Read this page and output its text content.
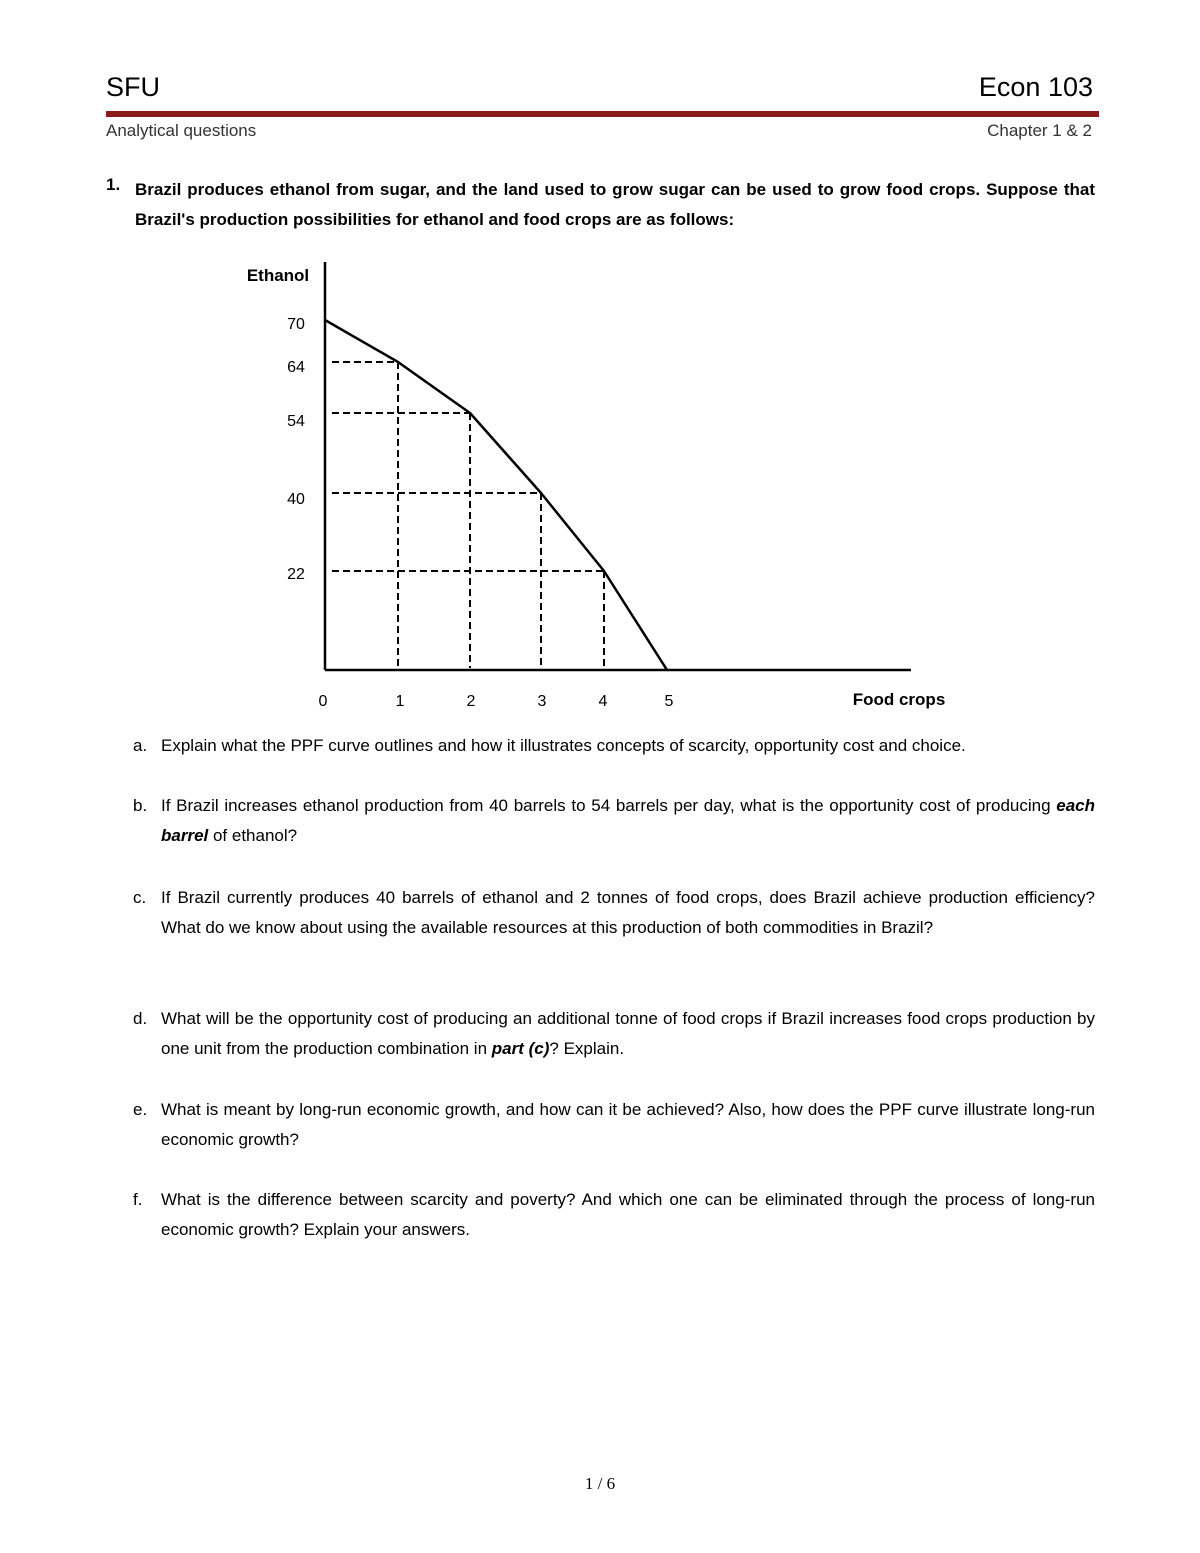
SFU	Econ 103
Analytical questions	Chapter 1 & 2
1. Brazil produces ethanol from sugar, and the land used to grow sugar can be used to grow food crops. Suppose that Brazil's production possibilities for ethanol and food crops are as follows:
Ethanol
Food crops
0	1	2	3	4	5
70
64
54
40
22
a. Explain what the PPF curve outlines and how it illustrates concepts of scarcity, opportunity cost and choice.
b. If Brazil increases ethanol production from 40 barrels to 54 barrels per day, what is the opportunity cost of producing each barrel of ethanol?
c. If Brazil currently produces 40 barrels of ethanol and 2 tonnes of food crops, does Brazil achieve production efficiency? What do we know about using the available resources at this production of both commodities in Brazil?
d. What will be the opportunity cost of producing an additional tonne of food crops if Brazil increases food crops production by one unit from the production combination in part (c)? Explain.
e. What is meant by long-run economic growth, and how can it be achieved? Also, how does the PPF curve illustrate long-run economic growth?
f. What is the difference between scarcity and poverty? And which one can be eliminated through the process of long-run economic growth? Explain your answers.
1 / 6
